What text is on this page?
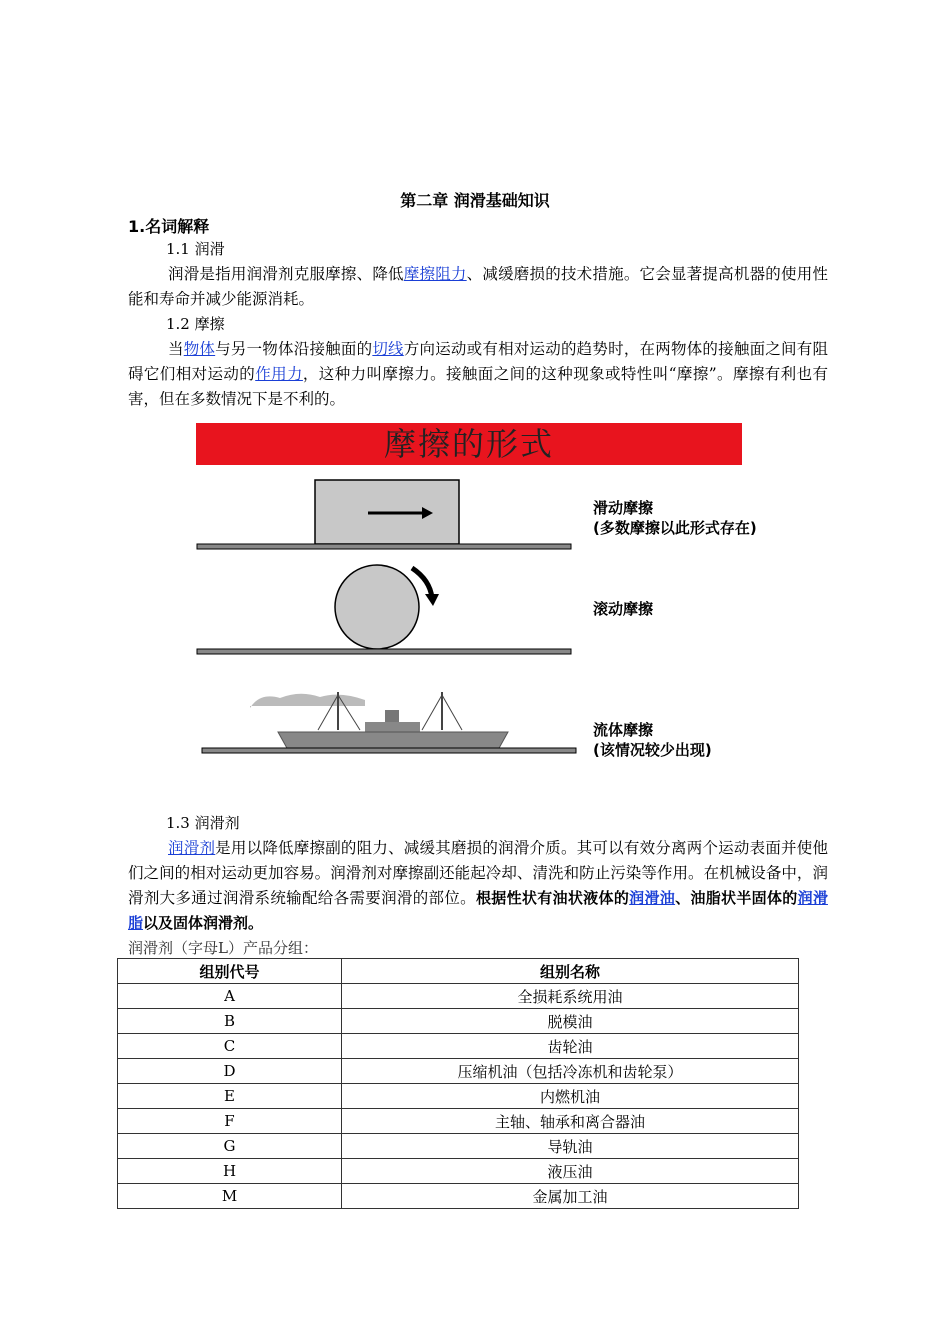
第二章 润滑基础知识
1.名词解释
1.1 润滑
润滑是指用润滑剂克服摩擦、降低摩擦阻力、减缓磨损的技术措施。它会显著提高机器的使用性能和寿命并减少能源消耗。
1.2 摩擦
当物体与另一物体沿接触面的切线方向运动或有相对运动的趋势时，在两物体的接触面之间有阻碍它们相对运动的作用力，这种力叫摩擦力。接触面之间的这种现象或特性叫“摩擦”。摩擦有利也有害，但在多数情况下是不利的。
摩擦的形式
滑动摩擦
(多数摩擦以此形式存在)
滚动摩擦
流体摩擦
(该情况较少出现)
1.3 润滑剂
润滑剂是用以降低摩擦副的阻力、减缓其磨损的润滑介质。其可以有效分离两个运动表面并使他们之间的相对运动更加容易。润滑剂对摩擦副还能起冷却、清洗和防止污染等作用。在机械设备中，润滑剂大多通过润滑系统输配给各需要润滑的部位。根据性状有油状液体的润滑油、油脂状半固体的润滑脂以及固体润滑剂。
润滑剂（字母L）产品分组：
组别代号	组别名称
A	全损耗系统用油
B	脱模油
C	齿轮油
D	压缩机油（包括冷冻机和齿轮泵）
E	内燃机油
F	主轴、轴承和离合器油
G	导轨油
H	液压油
M	金属加工油
